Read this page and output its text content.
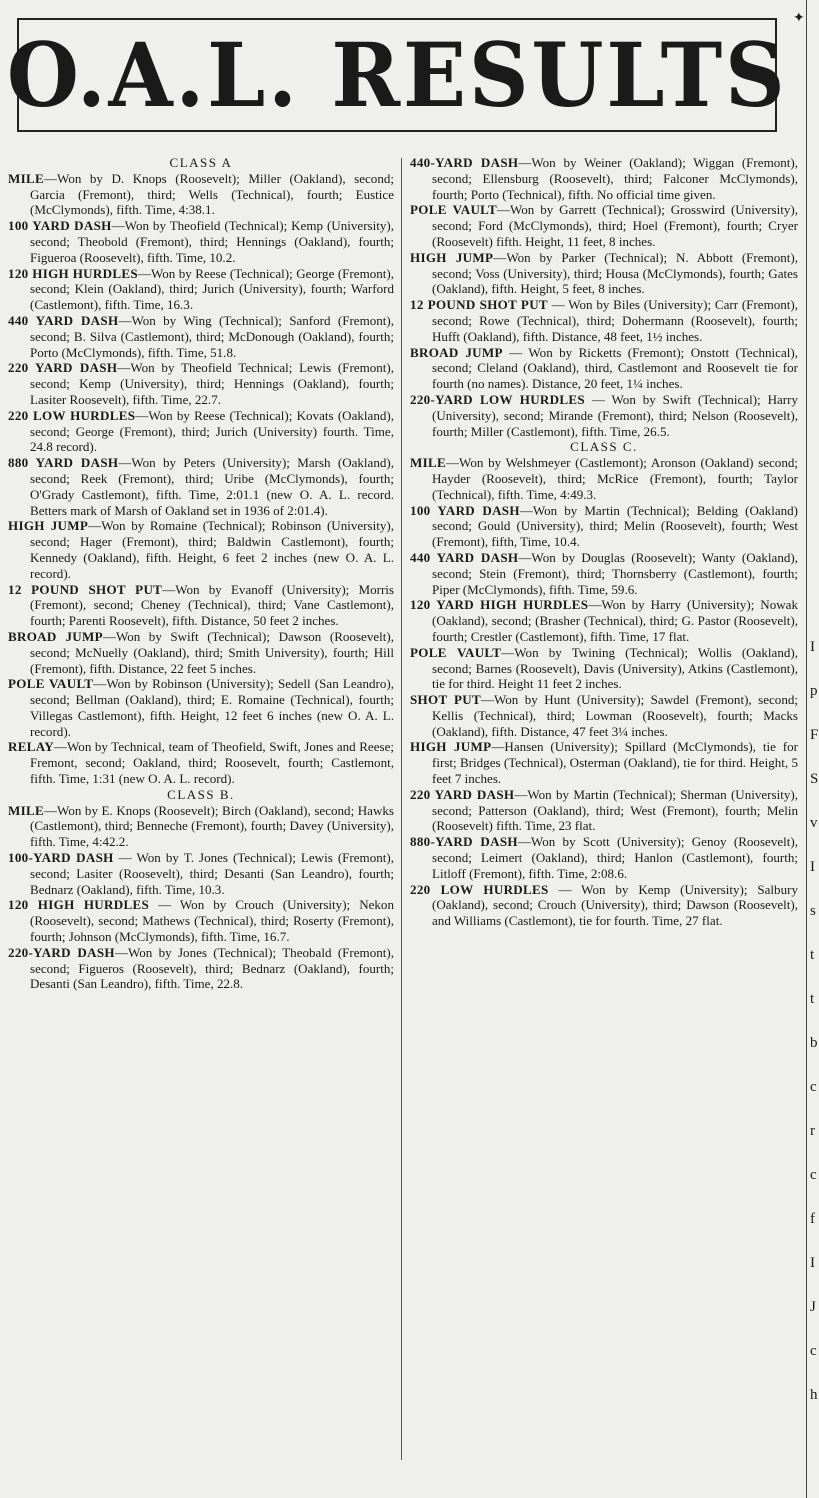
O.A.L. RESULTS
✦

CLASS A

MILE—Won by D. Knops (Roosevelt); Miller (Oakland), second; Garcia (Fremont), third; Wells (Technical), fourth; Eustice (McClymonds), fifth. Time, 4:38.1.

100 YARD DASH—Won by Theofield (Technical); Kemp (University), second; Theobold (Fremont), third; Hennings (Oakland), fourth; Figueroa (Roosevelt), fifth. Time, 10.2.

120 HIGH HURDLES—Won by Reese (Technical); George (Fremont), second; Klein (Oakland), third; Jurich (University), fourth; Warford (Castlemont), fifth. Time, 16.3.

440 YARD DASH—Won by Wing (Technical); Sanford (Fremont), second; B. Silva (Castlemont), third; McDonough (Oakland), fourth; Porto (McClymonds), fifth. Time, 51.8.

220 YARD DASH—Won by Theofield Technical; Lewis (Fremont), second; Kemp (University), third; Hennings (Oakland), fourth; Lasiter Roosevelt), fifth. Time, 22.7.

220 LOW HURDLES—Won by Reese (Technical); Kovats (Oakland), second; George (Fremont), third; Jurich (University) fourth. Time, 24.8 record).

880 YARD DASH—Won by Peters (University); Marsh (Oakland), second; Reek (Fremont), third; Uribe (McClymonds), fourth; O'Grady Castlemont), fifth. Time, 2:01.1 (new O. A. L. record. Betters mark of Marsh of Oakland set in 1936 of 2:01.4).

HIGH JUMP—Won by Romaine (Technical); Robinson (University), second; Hager (Fremont), third; Baldwin Castlemont), fourth; Kennedy (Oakland), fifth. Height, 6 feet 2 inches (new O. A. L. record).

12 POUND SHOT PUT—Won by Evanoff (University); Morris (Fremont), second; Cheney (Technical), third; Vane Castlemont), fourth; Parenti Roosevelt), fifth. Distance, 50 feet 2 inches.

BROAD JUMP—Won by Swift (Technical); Dawson (Roosevelt), second; McNuelly (Oakland), third; Smith University), fourth; Hill (Fremont), fifth. Distance, 22 feet 5 inches.

POLE VAULT—Won by Robinson (University); Sedell (San Leandro), second; Bellman (Oakland), third; E. Romaine (Technical), fourth; Villegas Castlemont), fifth. Height, 12 feet 6 inches (new O. A. L. record).

RELAY—Won by Technical, team of Theofield, Swift, Jones and Reese; Fremont, second; Oakland, third; Roosevelt, fourth; Castlemont, fifth. Time, 1:31 (new O. A. L. record).

CLASS B.

MILE—Won by E. Knops (Roosevelt); Birch (Oakland), second; Hawks (Castlemont), third; Benneche (Fremont), fourth; Davey (University), fifth. Time, 4:42.2.

100-YARD DASH — Won by T. Jones (Technical); Lewis (Fremont), second; Lasiter (Roosevelt), third; Desanti (San Leandro), fourth; Bednarz (Oakland), fifth. Time, 10.3.

120 HIGH HURDLES — Won by Crouch (University); Nekon (Roosevelt), second; Mathews (Technical), third; Roserty (Fremont), fourth; Johnson (McClymonds), fifth. Time, 16.7.

220-YARD DASH—Won by Jones (Technical); Theobald (Fremont), second; Figueros (Roosevelt), third; Bednarz (Oakland), fourth; Desanti (San Leandro), fifth. Time, 22.8.

440-YARD DASH—Won by Weiner (Oakland); Wiggan (Fremont), second; Ellensburg (Roosevelt), third; Falconer McClymonds), fourth; Porto (Technical), fifth. No official time given.

POLE VAULT—Won by Garrett (Technical); Grosswird (University), second; Ford (McClymonds), third; Hoel (Fremont), fourth; Cryer (Roosevelt) fifth. Height, 11 feet, 8 inches.

HIGH JUMP—Won by Parker (Technical); N. Abbott (Fremont), second; Voss (University), third; Housa (McClymonds), fourth; Gates (Oakland), fifth. Height, 5 feet, 8 inches.

12 POUND SHOT PUT — Won by Biles (University); Carr (Fremont), second; Rowe (Technical), third; Dohermann (Roosevelt), fourth; Hufft (Oakland), fifth. Distance, 48 feet, 1½ inches.

BROAD JUMP — Won by Ricketts (Fremont); Onstott (Technical), second; Cleland (Oakland), third, Castlemont and Roosevelt tie for fourth (no names). Distance, 20 feet, 1¼ inches.

220-YARD LOW HURDLES — Won by Swift (Technical); Harry (University), second; Mirande (Fremont), third; Nelson (Roosevelt), fourth; Miller (Castlemont), fifth. Time, 26.5.

CLASS C.

MILE—Won by Welshmeyer (Castlemont); Aronson (Oakland) second; Hayder (Roosevelt), third; McRice (Fremont), fourth; Taylor (Technical), fifth. Time, 4:49.3.

100 YARD DASH—Won by Martin (Technical); Belding (Oakland) second; Gould (University), third; Melin (Roosevelt), fourth; West (Fremont), fifth, Time, 10.4.

440 YARD DASH—Won by Douglas (Roosevelt); Wanty (Oakland), second; Stein (Fremont), third; Thornsberry (Castlemont), fourth; Piper (McClymonds), fifth. Time, 59.6.

120 YARD HIGH HURDLES—Won by Harry (University); Nowak (Oakland), second; (Brasher (Technical), third; G. Pastor (Roosevelt), fourth; Crestler (Castlemont), fifth. Time, 17 flat.

POLE VAULT—Won by Twining (Technical); Wollis (Oakland), second; Barnes (Roosevelt), Davis (University), Atkins (Castlemont), tie for third. Height 11 feet 2 inches.

SHOT PUT—Won by Hunt (University); Sawdel (Fremont), second; Kellis (Technical), third; Lowman (Roosevelt), fourth; Macks (Oakland), fifth. Distance, 47 feet 3¼ inches.

HIGH JUMP—Hansen (University); Spillard (McClymonds), tie for first; Bridges (Technical), Osterman (Oakland), tie for third. Height, 5 feet 7 inches.

220 YARD DASH—Won by Martin (Technical); Sherman (University), second; Patterson (Oakland), third; West (Fremont), fourth; Melin (Roosevelt) fifth. Time, 23 flat.

880-YARD DASH—Won by Scott (University); Genoy (Roosevelt), second; Leimert (Oakland), third; Hanlon (Castlemont), fourth; Litloff (Fremont), fifth. Time, 2:08.6.

220 LOW HURDLES — Won by Kemp (University); Salbury (Oakland), second; Crouch (University), third; Dawson (Roosevelt), and Williams (Castlemont), tie for fourth. Time, 27 flat.

I
p
F
S
v
I
s
t
t
b
c
r
c
f
I
J
c
h
